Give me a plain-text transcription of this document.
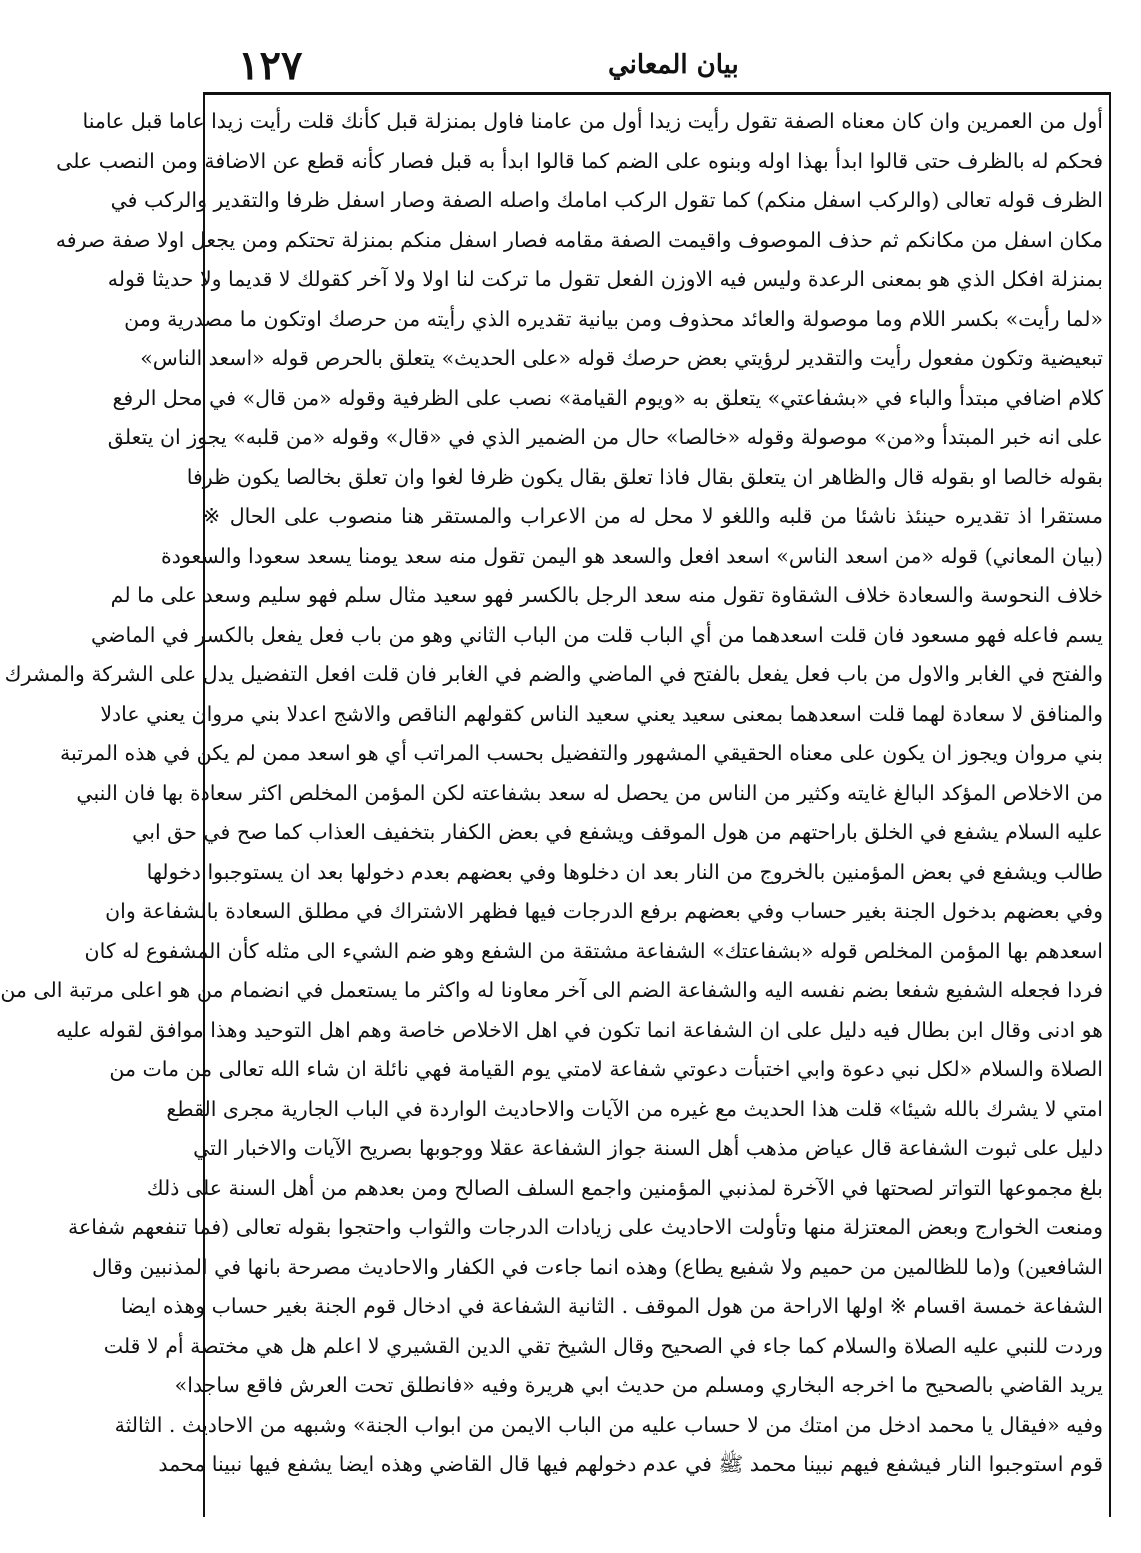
١٢٧	بيان المعاني
أول من العمرين وان كان معناه الصفة تقول رأيت زيدا أول من عامنا فاول بمنزلة قبل كأنك قلت رأيت زيدا عاما قبل عامنا
فحكم له بالظرف حتى قالوا ابدأ بهذا اوله وبنوه على الضم كما قالوا ابدأ به قبل فصار كأنه قطع عن الاضافة ومن النصب على
الظرف قوله تعالى (والركب اسفل منكم) كما تقول الركب امامك واصله الصفة وصار اسفل ظرفا والتقدير والركب في
مكان اسفل من مكانكم ثم حذف الموصوف واقيمت الصفة مقامه فصار اسفل منكم بمنزلة تحتكم ومن يجعل اولا صفة صرفه
بمنزلة افكل الذي هو بمعنى الرعدة وليس فيه الاوزن الفعل تقول ما تركت لنا اولا ولا آخر كقولك لا قديما ولا حديثا قوله
«لما رأيت» بكسر اللام وما موصولة والعائد محذوف ومن بيانية تقديره الذي رأيته من حرصك اوتكون ما مصدرية ومن
تبعيضية وتكون مفعول رأيت والتقدير لرؤيتي بعض حرصك قوله «على الحديث» يتعلق بالحرص قوله «اسعد الناس»
كلام اضافي مبتدأ والباء في «بشفاعتي» يتعلق به «ويوم القيامة» نصب على الظرفية وقوله «من قال» في محل الرفع
على انه خبر المبتدأ و«من» موصولة وقوله «خالصا» حال من الضمير الذي في «قال» وقوله «من قلبه» يجوز ان يتعلق
بقوله خالصا او بقوله قال والظاهر ان يتعلق بقال فاذا تعلق بقال يكون ظرفا لغوا وان تعلق بخالصا يكون ظرفا
مستقرا اذ تقديره حينئذ ناشئا من قلبه واللغو لا محل له من الاعراب والمستقر هنا منصوب على الحال ※
(بيان المعاني) قوله «من اسعد الناس» اسعد افعل والسعد هو اليمن تقول منه سعد يومنا يسعد سعودا والسعودة
خلاف النحوسة والسعادة خلاف الشقاوة تقول منه سعد الرجل بالكسر فهو سعيد مثال سلم فهو سليم وسعد على ما لم
يسم فاعله فهو مسعود فان قلت اسعدهما من أي الباب قلت من الباب الثاني وهو من باب فعل يفعل بالكسر في الماضي
والفتح في الغابر والاول من باب فعل يفعل بالفتح في الماضي والضم في الغابر فان قلت افعل التفضيل يدل على الشركة والمشرك
والمنافق لا سعادة لهما قلت اسعدهما بمعنى سعيد يعني سعيد الناس كقولهم الناقص والاشج اعدلا بني مروان يعني عادلا
بني مروان ويجوز ان يكون على معناه الحقيقي المشهور والتفضيل بحسب المراتب أي هو اسعد ممن لم يكن في هذه المرتبة
من الاخلاص المؤكد البالغ غايته وكثير من الناس من يحصل له سعد بشفاعته لكن المؤمن المخلص اكثر سعادة بها فان النبي
عليه السلام يشفع في الخلق باراحتهم من هول الموقف ويشفع في بعض الكفار بتخفيف العذاب كما صح في حق ابي
طالب ويشفع في بعض المؤمنين بالخروج من النار بعد ان دخلوها وفي بعضهم بعدم دخولها بعد ان يستوجبوا دخولها
وفي بعضهم بدخول الجنة بغير حساب وفي بعضهم برفع الدرجات فيها فظهر الاشتراك في مطلق السعادة بالشفاعة وان
اسعدهم بها المؤمن المخلص قوله «بشفاعتك» الشفاعة مشتقة من الشفع وهو ضم الشيء الى مثله كأن المشفوع له كان
فردا فجعله الشفيع شفعا بضم نفسه اليه والشفاعة الضم الى آخر معاونا له واكثر ما يستعمل في انضمام من هو اعلى مرتبة الى من
هو ادنى وقال ابن بطال فيه دليل على ان الشفاعة انما تكون في اهل الاخلاص خاصة وهم اهل التوحيد وهذا موافق لقوله عليه
الصلاة والسلام «لكل نبي دعوة وابي اختبأت دعوتي شفاعة لامتي يوم القيامة فهي نائلة ان شاء الله تعالى من مات من
امتي لا يشرك بالله شيئا» قلت هذا الحديث مع غيره من الآيات والاحاديث الواردة في الباب الجارية مجرى القطع
دليل على ثبوت الشفاعة قال عياض مذهب أهل السنة جواز الشفاعة عقلا ووجوبها بصريح الآيات والاخبار التي
بلغ مجموعها التواتر لصحتها في الآخرة لمذنبي المؤمنين واجمع السلف الصالح ومن بعدهم من أهل السنة على ذلك
ومنعت الخوارج وبعض المعتزلة منها وتأولت الاحاديث على زيادات الدرجات والثواب واحتجوا بقوله تعالى (فما تنفعهم شفاعة
الشافعين) و(ما للظالمين من حميم ولا شفيع يطاع) وهذه انما جاءت في الكفار والاحاديث مصرحة بانها في المذنبين وقال
الشفاعة خمسة اقسام ※ اولها الاراحة من هول الموقف . الثانية الشفاعة في ادخال قوم الجنة بغير حساب وهذه ايضا
وردت للنبي عليه الصلاة والسلام كما جاء في الصحيح وقال الشيخ تقي الدين القشيري لا اعلم هل هي مختصة أم لا قلت
يريد القاضي بالصحيح ما اخرجه البخاري ومسلم من حديث ابي هريرة وفيه «فانطلق تحت العرش فاقع ساجدا»
وفيه «فيقال يا محمد ادخل من امتك من لا حساب عليه من الباب الايمن من ابواب الجنة» وشبهه من الاحاديث . الثالثة
قوم استوجبوا النار فيشفع فيهم نبينا محمد ﷺ في عدم دخولهم فيها قال القاضي وهذه ايضا يشفع فيها نبينا محمد
